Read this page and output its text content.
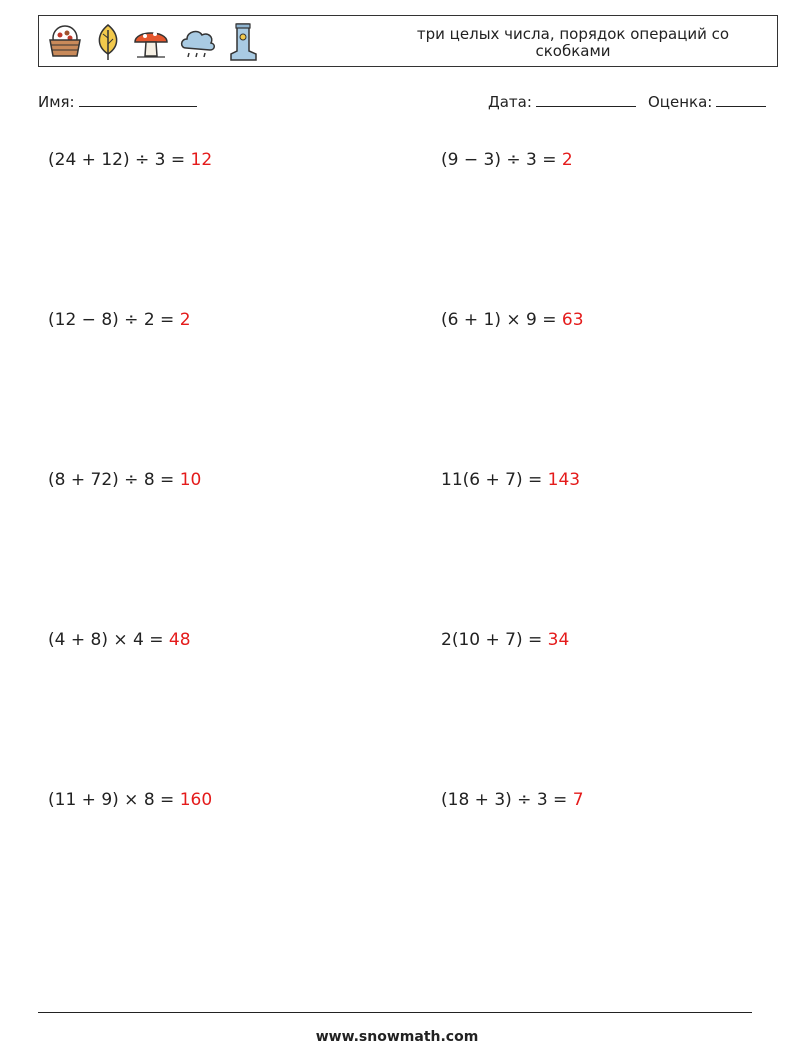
три целых числа, порядок операций со скобками
Имя:	Дата:	Оценка:
(24 + 12) ÷ 3 = 12	(9 − 3) ÷ 3 = 2
(12 − 8) ÷ 2 = 2	(6 + 1) × 9 = 63
(8 + 72) ÷ 8 = 10	11(6 + 7) = 143
(4 + 8) × 4 = 48	2(10 + 7) = 34
(11 + 9) × 8 = 160	(18 + 3) ÷ 3 = 7
www.snowmath.com
